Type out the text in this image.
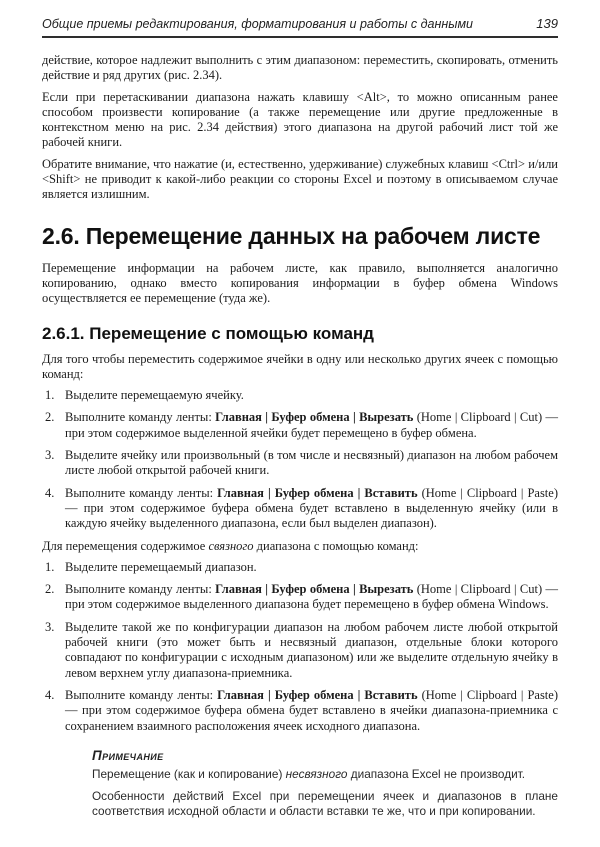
Общие приемы редактирования, форматирования и работы с данными	139

действие, которое надлежит выполнить с этим диапазоном: переместить, скопировать, отменить действие и ряд других (рис. 2.34).

Если при перетаскивании диапазона нажать клавишу <Alt>, то можно описанным ранее способом произвести копирование (а также перемещение или другие предложенные в контекстном меню на рис. 2.34 действия) этого диапазона на другой рабочий лист той же рабочей книги.

Обратите внимание, что нажатие (и, естественно, удерживание) служебных клавиш <Ctrl> и/или <Shift> не приводит к какой-либо реакции со стороны Excel и поэтому в описываемом случае является излишним.

2.6. Перемещение данных на рабочем листе

Перемещение информации на рабочем листе, как правило, выполняется аналогично копированию, однако вместо копирования информации в буфер обмена Windows осуществляется ее перемещение (туда же).

2.6.1. Перемещение с помощью команд

Для того чтобы переместить содержимое ячейки в одну или несколько других ячеек с помощью команд:

1. Выделите перемещаемую ячейку.
2. Выполните команду ленты: Главная | Буфер обмена | Вырезать (Home | Clipboard | Cut) — при этом содержимое выделенной ячейки будет перемещено в буфер обмена.
3. Выделите ячейку или произвольный (в том числе и несвязный) диапазон на любом рабочем листе любой открытой рабочей книги.
4. Выполните команду ленты: Главная | Буфер обмена | Вставить (Home | Clipboard | Paste) — при этом содержимое буфера обмена будет вставлено в выделенную ячейку (или в каждую ячейку выделенного диапазона, если был выделен диапазон).

Для перемещения содержимое связного диапазона с помощью команд:

1. Выделите перемещаемый диапазон.
2. Выполните команду ленты: Главная | Буфер обмена | Вырезать (Home | Clipboard | Cut) — при этом содержимое выделенного диапазона будет перемещено в буфер обмена Windows.
3. Выделите такой же по конфигурации диапазон на любом рабочем листе любой открытой рабочей книги (это может быть и несвязный диапазон, отдельные блоки которого совпадают по конфигурации с исходным диапазоном) или же выделите отдельную ячейку в левом верхнем углу диапазона-приемника.
4. Выполните команду ленты: Главная | Буфер обмена | Вставить (Home | Clipboard | Paste) — при этом содержимое буфера обмена будет вставлено в ячейки диапазона-приемника с сохранением взаимного расположения ячеек исходного диапазона.
Примечание

Перемещение (как и копирование) несвязного диапазона Excel не производит.

Особенности действий Excel при перемещении ячеек и диапазонов в плане соответствия исходной области и области вставки те же, что и при копировании.
